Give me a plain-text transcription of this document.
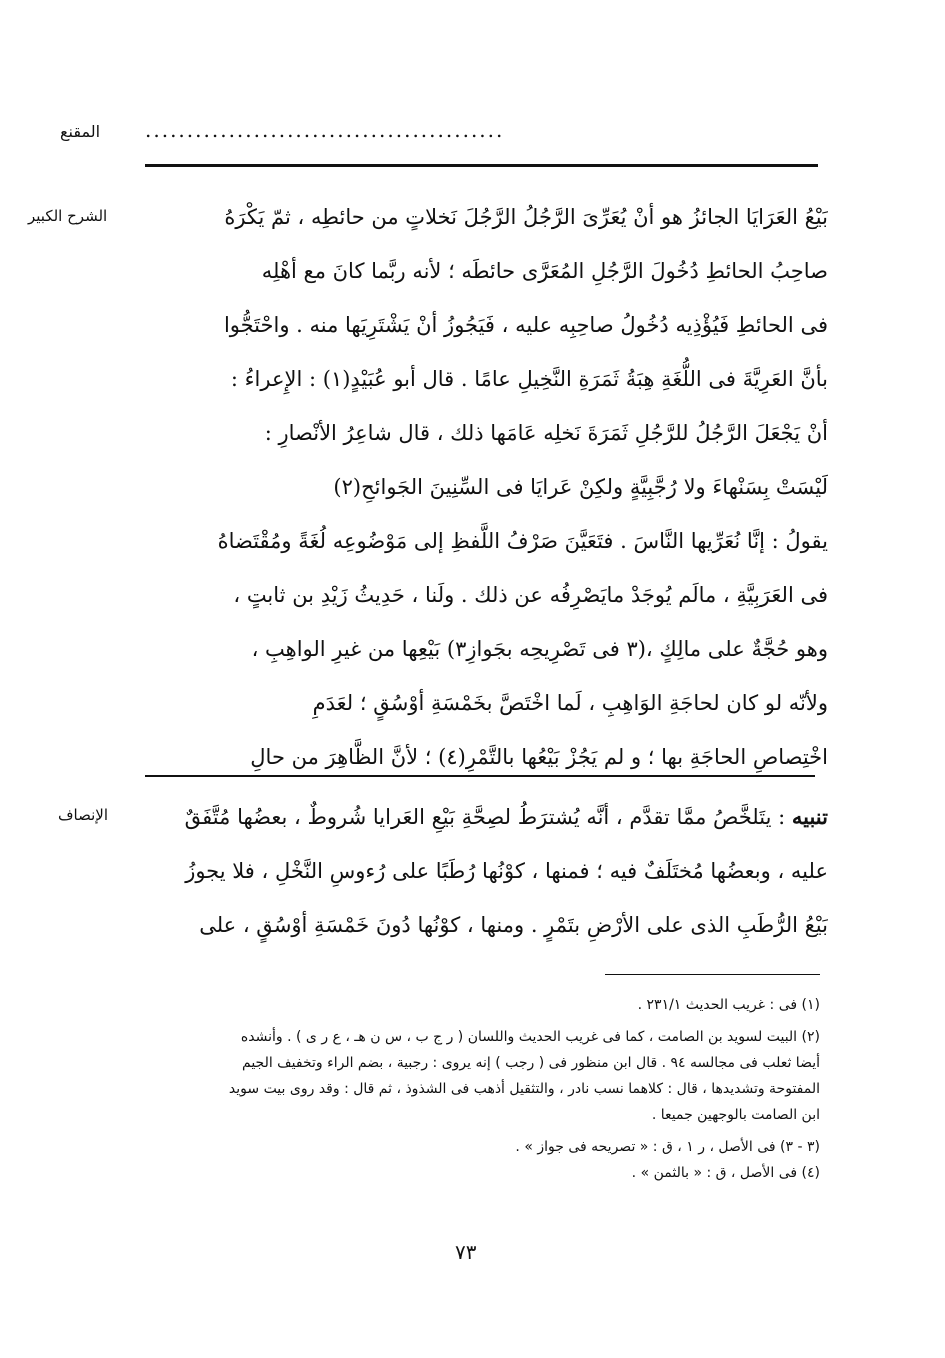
المقنع ...........................................
الشرح الكبير
الإنصاف
بَيْعُ العَرَايَا الجائزُ هو أنْ يُعَرِّىَ الرَّجُلُ الرَّجُلَ نَخلاتٍ من حائطِه ، ثمّ يَكْرَهُ
صاحِبُ الحائطِ دُخُولَ الرَّجُلِ المُعَرَّى حائطَه ؛ لأنه ربَّما كانَ مع أهْلِه
فى الحائطِ فَيُؤْذِيه دُخُولُ صاحِبِه عليه ، فَيَجُوزُ أنْ يَشْتَرِيَها منه . واحْتَجُّوا
بأنَّ العَرِيَّةَ فى اللُّغَةِ هِبَةُ ثَمَرَةِ النَّخِيلِ عامًا . قال أبو عُبَيْدٍ(١) : الإِعراءُ :
أنْ يَجْعَلَ الرَّجُلُ للرَّجُلِ ثَمَرَةَ نَخلِه عَامَها ذلك ، قال شاعِرُ الأنْصارِ :
لَيْسَتْ بِسَنْهاءَ ولا رُجَّبِيَّةٍ ولكِنْ عَرايَا فى السِّنِينَ الجَوائحِ(٢)
يقولُ : إنَّا نُعَرِّيها النَّاسَ . فتَعَيَّنَ صَرْفُ اللَّفظِ إلى مَوْضُوعِه لُغَةً ومُقْتَضاهُ
فى العَرَبِيَّةِ ، مالَم يُوجَدْ مايَصْرِفُه عن ذلك . ولَنا ، حَدِيثُ زَيْدِ بن ثابتٍ ،
وهو حُجَّةٌ على مالِكٍ ،(٣ فى تَصْرِيحِه بجَوازِ٣) بَيْعِها من غيرِ الواهِبِ ،
ولأنّه لو كان لحاجَةِ الوَاهِبِ ، لَما اخْتَصَّ بخَمْسَةِ أوْسُقٍ ؛ لعَدَمِ
اخْتِصاصِ الحاجَةِ بها ؛ و لم يَجُزْ بَيْعُها بالتَّمْرِ(٤) ؛ لأنَّ الظَّاهِرَ من حالِ
تنبيه : يتَلخَّصُ ممَّا تقدَّم ، أنَّه يُشترَطُ لصِحَّةِ بَيْعِ العَرايا شُروطٌ ، بعضُها مُتَّفَقٌ
عليه ، وبعضُها مُختَلَفٌ فيه ؛ فمنها ، كوْنُها رُطَبًا على رُءوسِ النَّخْلِ ، فلا يجوزُ
بَيْعُ الرُّطَبِ الذى على الأرْضِ بتَمْرٍ . ومنها ، كوْنُها دُونَ خَمْسَةِ أوْسُقٍ ، على
(١) فى : غريب الحديث ٢٣١/١ .
(٢) البيت لسويد بن الصامت ، كما فى غريب الحديث واللسان ( ر ج ب ، س ن هـ ، ع ر ى ) . وأنشده
أيضا ثعلب فى مجالسه ٩٤ . قال ابن منظور فى ( رجب ) إنه يروى : رجبية ، بضم الراء وتخفيف الجيم
المفتوحة وتشديدها ، قال : كلاهما نسب نادر ، والتثقيل أذهب فى الشذوذ ، ثم قال : وقد روى بيت سويد
ابن الصامت بالوجهين جميعا .
(٣ - ٣) فى الأصل ، ر ١ ، ق : « تصريحه فى جواز » .
(٤) فى الأصل ، ق : « بالثمن » .
٧٣
